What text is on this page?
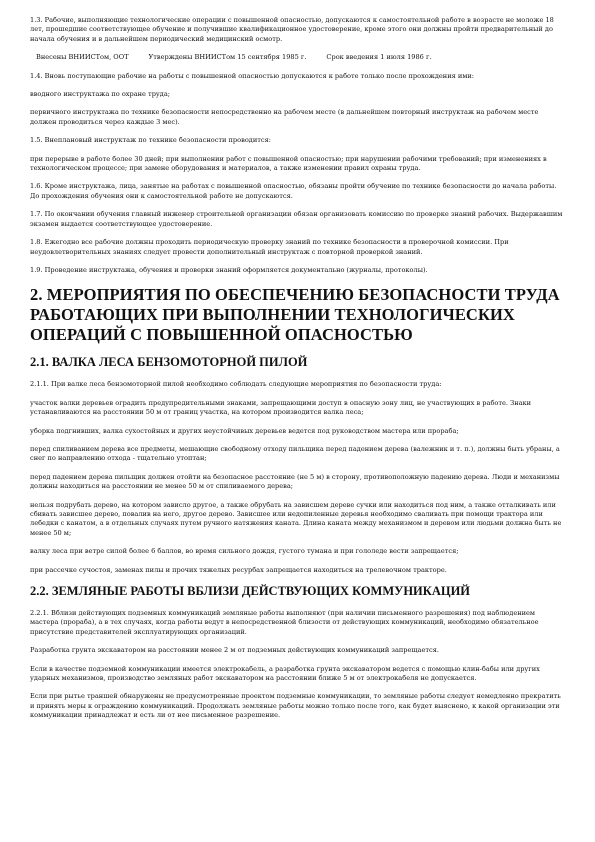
1.3. Рабочие, выполняющие технологические операции с повышенной опасностью, допускаются к самостоятельной работе в возрасте не моложе 18 лет, прошедшие соответствующее обучение и получившие квалификационное удостоверение, кроме этого они должны пройти предварительный до начала обучения и в дальнейшем периодический медицинский осмотр.

Внесены ВНИИСТом, ООТ	Утверждены ВНИИСТом 15 сентября 1985 г.	Срок введения 1 июля 1986 г.

1.4. Вновь поступающие рабочие на работы с повышенной опасностью допускаются к работе только после прохождения ими:

вводного инструктажа по охране труда;

первичного инструктажа по технике безопасности непосредственно на рабочем месте (в дальнейшем повторный инструктаж на рабочем месте должен проводиться через каждые 3 мес).

1.5. Внеплановый инструктаж по технике безопасности проводится:

при перерыве в работе более 30 дней; при выполнении работ с повышенной опасностью; при нарушении рабочими требований; при изменениях в технологическом процессе; при замене оборудования и материалов, а также изменении правил охраны труда.

1.6. Кроме инструктажа, лица, занятые на работах с повышенной опасностью, обязаны пройти обучение по технике безопасности до начала работы. До прохождения обучения они к самостоятельной работе не допускаются.

1.7. По окончании обучения главный инженер строительной организации обязан организовать комиссию по проверке знаний рабочих. Выдержавшим экзамен выдается соответствующее удостоверение.

1.8. Ежегодно все рабочие должны проходить периодическую проверку знаний по технике безопасности в проверочной комиссии. При неудовлетворительных знаниях следует провести дополнительный инструктаж с повторной проверкой знаний.

1.9. Проведение инструктажа, обучения и проверки знаний оформляется документально (журналы, протоколы).

2. МЕРОПРИЯТИЯ ПО ОБЕСПЕЧЕНИЮ БЕЗОПАСНОСТИ ТРУДА РАБОТАЮЩИХ ПРИ ВЫПОЛНЕНИИ ТЕХНОЛОГИЧЕСКИХ ОПЕРАЦИЙ С ПОВЫШЕННОЙ ОПАСНОСТЬЮ
2.1. ВАЛКА ЛЕСА БЕНЗОМОТОРНОЙ ПИЛОЙ

2.1.1. При валке леса бензомоторной пилой необходимо соблюдать следующие мероприятия по безопасности труда:

участок валки деревьев оградить предупредительными знаками, запрещающими доступ в опасную зону лиц, не участвующих в работе. Знаки устанавливаются на расстоянии 50 м от границ участка, на котором производится валка леса;

уборка подгнивших, валка сухостойных и других неустойчивых деревьев ведется под руководством мастера или прораба;

перед спиливанием дерева все предметы, мешающие свободному отходу пильщика перед падением дерева (валежник и т. п.), должны быть убраны, а снег по направлению отхода - тщательно утоптан;

перед падением дерева пильщик должен отойти на безопасное расстояние (не 5 м) в сторону, противоположную падению дерева. Люди и механизмы должны находиться на расстоянии не менее 50 м от спиливаемого дерева;

нельзя подрубать дерево, на котором зависло другое, а также обрубать на зависшем дереве сучки или находиться под ним, а также отталкивать или сбивать зависшее дерево, повалив на него, другое дерево. Зависшее или недопиленные деревья необходимо сваливать при помощи трактора или лебедки с канатом, а в отдельных случаях путем ручного натяжения каната. Длина каната между механизмом и деревом или людьми должна быть не менее 50 м;

валку леса при ветре силой более 6 баллов, во время сильного дождя, густого тумана и при гололеде вести запрещается;

при рассечке сучостоя, заменах пилы и прочих тяжелых ресурбах запрещается находиться на трелевочном тракторе.

2.2. ЗЕМЛЯНЫЕ РАБОТЫ ВБЛИЗИ ДЕЙСТВУЮЩИХ КОММУНИКАЦИЙ

2.2.1. Вблизи действующих подземных коммуникаций земляные работы выполняют (при наличии письменного разрешения) под наблюдением мастера (прораба), а в тех случаях, когда работы ведут в непосредственной близости от действующих коммуникаций, необходимо обязательное присутствие представителей эксплуатирующих организаций.

Разработка грунта экскаватором на расстоянии менее 2 м от подземных действующих коммуникаций запрещается.

Если в качестве подземной коммуникации имеется электрокабель, а разработка грунта экскаватором ведется с помощью клин-бабы или других ударных механизмов, производство земляных работ экскаватором на расстоянии ближе 5 м от электрокабеля не допускается.

Если при рытье траншей обнаружены не предусмотренные проектом подземные коммуникации, то земляные работы следует немедленно прекратить и принять меры к ограждению коммуникаций. Продолжать земляные работы можно только после того, как будет выяснено, к какой организации эти коммуникации принадлежат и есть ли от нее письменное разрешение.
